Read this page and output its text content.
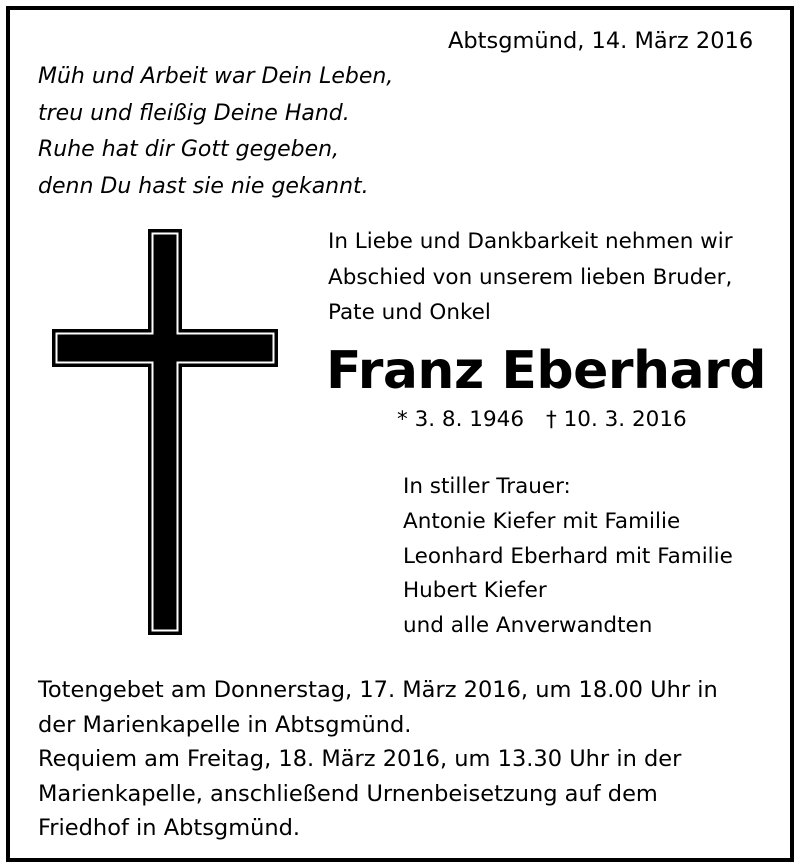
Abtsgmünd, 14. März 2016
Müh und Arbeit war Dein Leben,
treu und fleißig Deine Hand.
Ruhe hat dir Gott gegeben,
denn Du hast sie nie gekannt.
In Liebe und Dankbarkeit nehmen wir
Abschied von unserem lieben Bruder,
Pate und Onkel
Franz Eberhard
* 3. 8. 1946 † 10. 3. 2016
In stiller Trauer:
Antonie Kiefer mit Familie
Leonhard Eberhard mit Familie
Hubert Kiefer
und alle Anverwandten
Totengebet am Donnerstag, 17. März 2016, um 18.00 Uhr in
der Marienkapelle in Abtsgmünd.
Requiem am Freitag, 18. März 2016, um 13.30 Uhr in der
Marienkapelle, anschließend Urnenbeisetzung auf dem
Friedhof in Abtsgmünd.
